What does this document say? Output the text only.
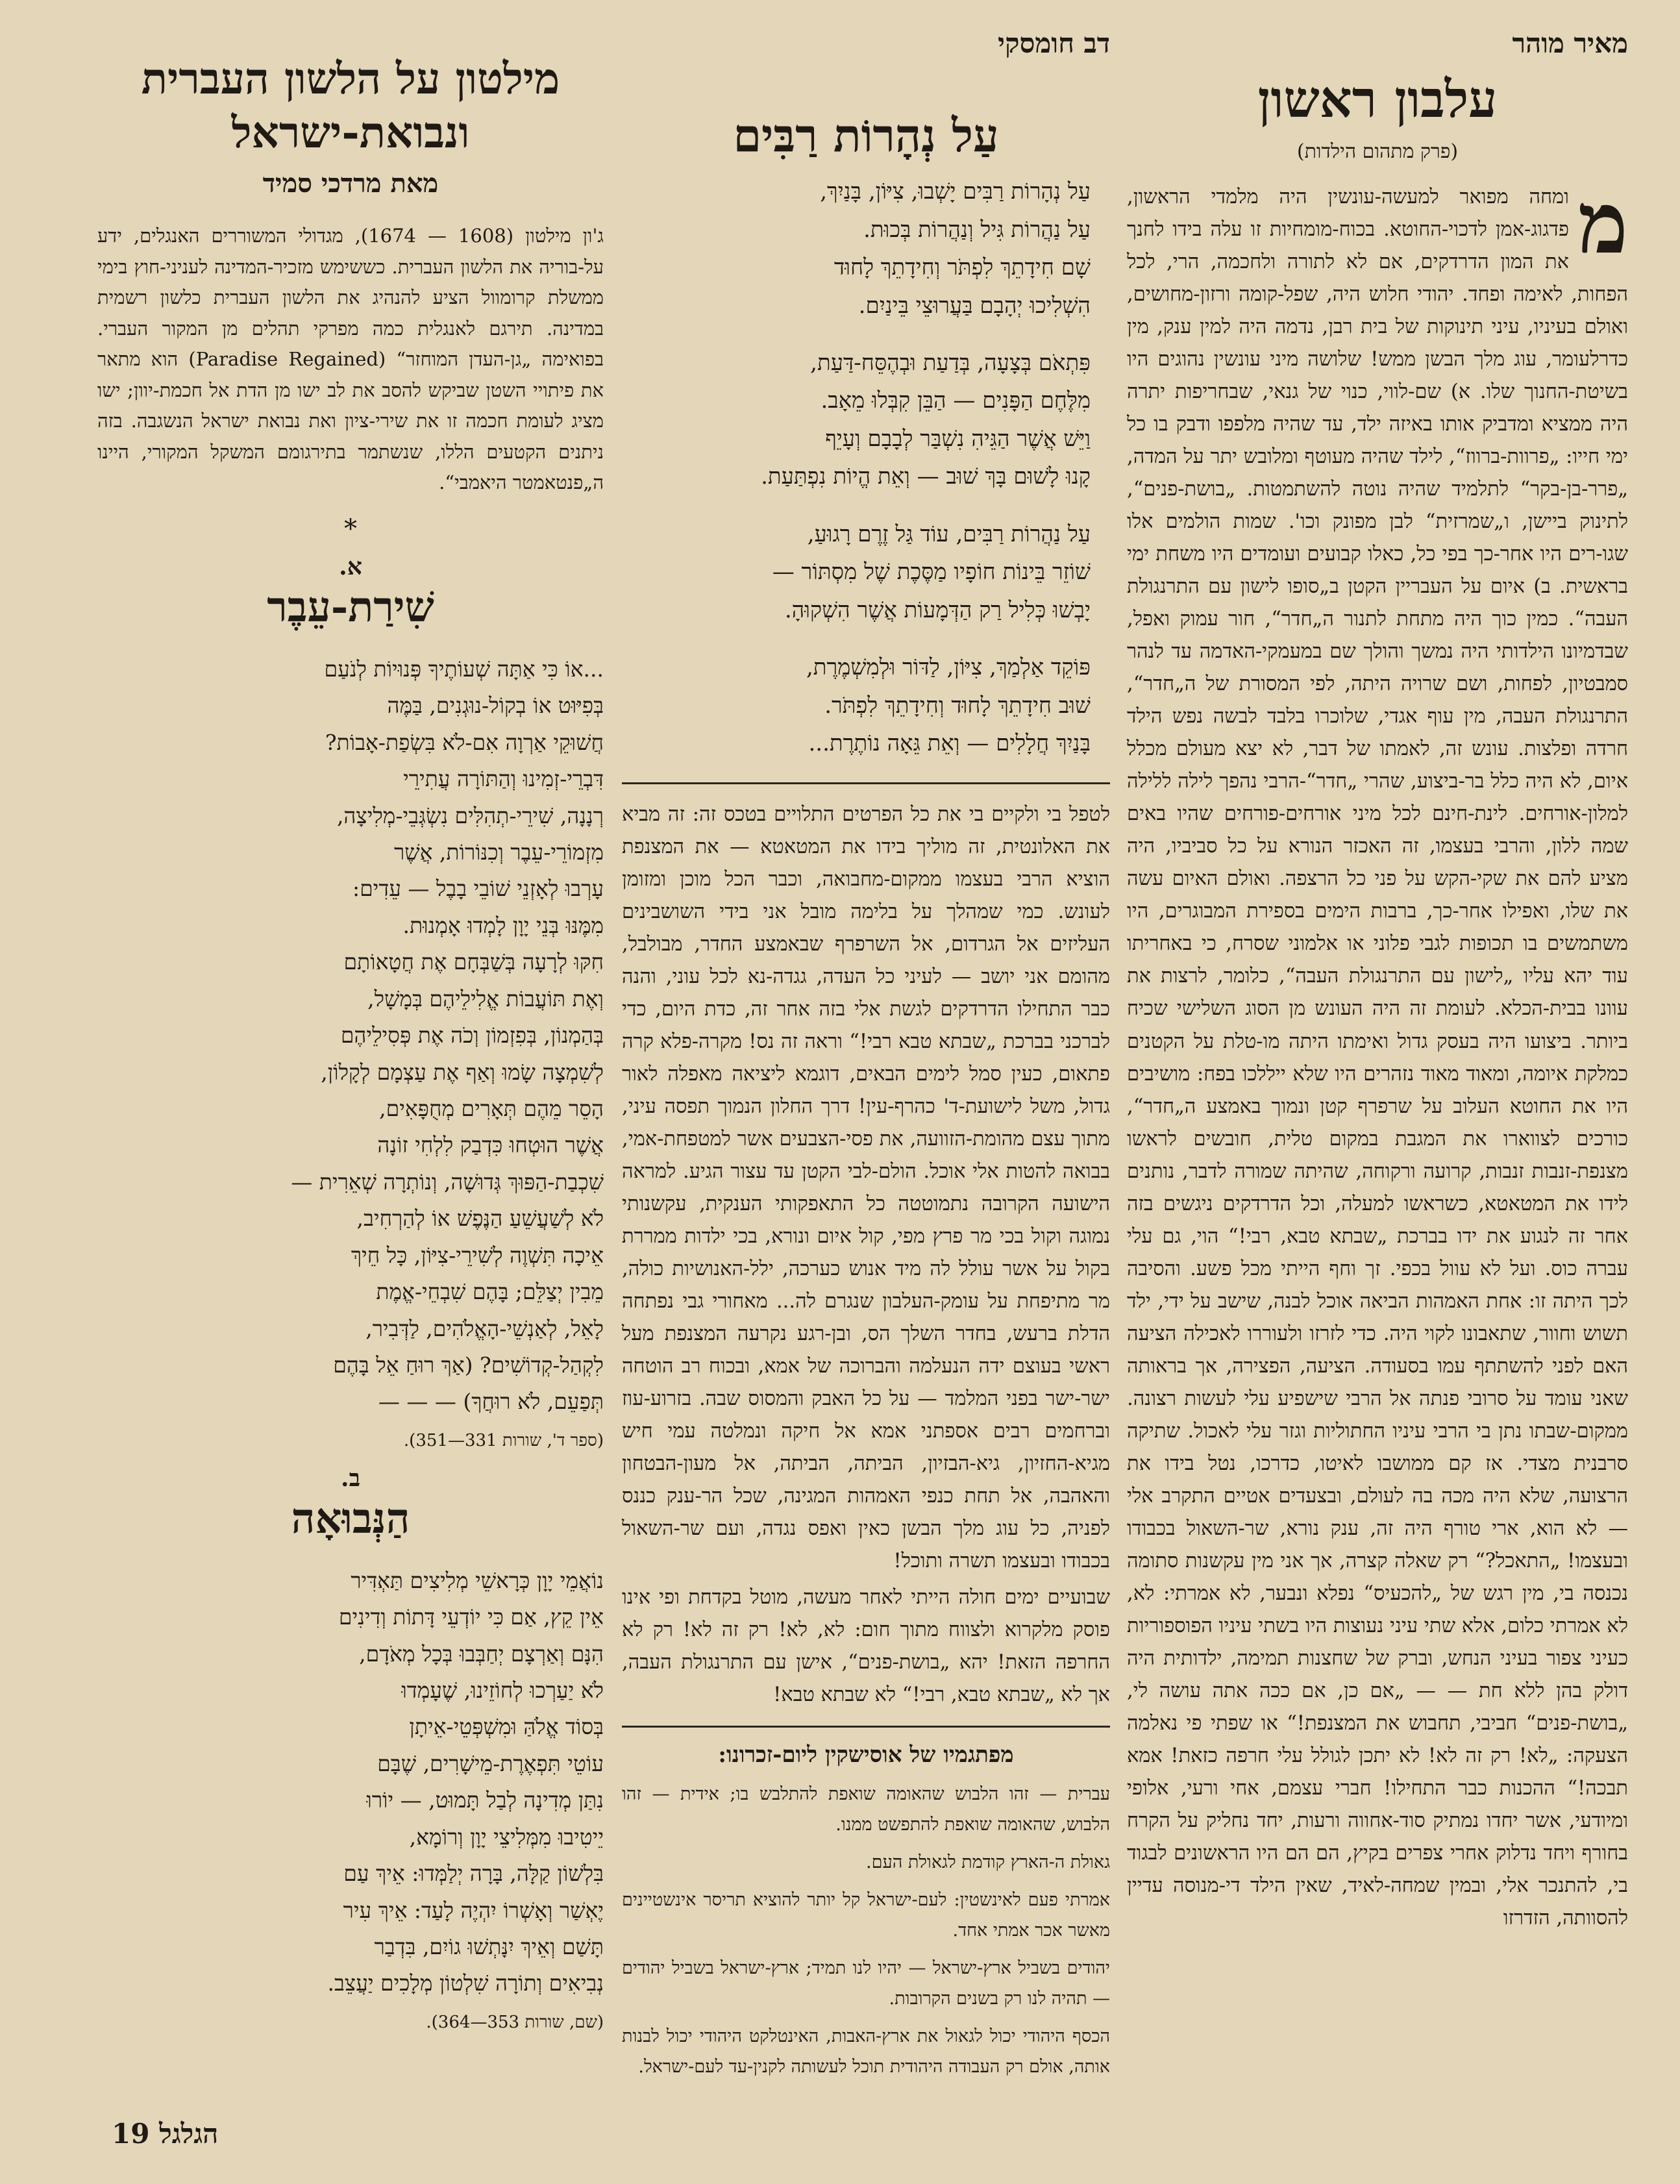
מאיר מוהר
עלבון ראשון
(פרק מתהום הילדות)
מ

ומחה מפואר למעשה-עונשין היה מלמדי הראשון, פדגוג-אמן לדכוי-החוטא. בכוח-מומחיות זו עלה בידו לחנך את המון הדרדקים, אם לא לתורה ולחכמה, הרי, לכל הפחות, לאימה ופחד. יהודי חלוש היה, שפל-קומה ורזון-מחושים, ואולם בעיניו, עיני תינוקות של בית רבן, נדמה היה למין ענק, מין כדרלעומר, עוג מלך הבשן ממש! שלושה מיני עונשין נהוגים היו בשיטת-החנוך שלו. א) שם-לווי, כנוי של גנאי, שבחריפות יתרה היה ממציא ומדביק אותו באיזה ילד, עד שהיה מלפפו ודבק בו כל ימי חייו: „פרוות-ברווז“, לילד שהיה מעוטף ומלובש יתר על המדה, „פרר-בן-בקר“ לתלמיד שהיה נוטה להשתמטות. „בושת-פנים“, לתינוק ביישן, ו„שמרזית“ לבן מפונק וכו'. שמות הולמים אלו שגו-רים היו אחר-כך בפי כל, כאלו קבועים ועומדים היו משחת ימי בראשית. ב) איום על העבריין הקטן ב„סופו לישון עם התרנגולת העבה“. כמין כוך היה מתחת לתנור ה„חדר“, חור עמוק ואפל, שבדמיונו הילדותי היה נמשך והולך שם במעמקי-האדמה עד לנהר סמבטיון, לפחות, ושם שרויה היתה, לפי המסורת של ה„חדר“, התרנגולת העבה, מין עוף אגדי, שלוכרו בלבד לבשה נפש הילד חרדה ופלצות. עונש זה, לאמתו של דבר, לא יצא מעולם מכלל איום, לא היה כלל בר-ביצוע, שהרי „חדר“-הרבי נהפך לילה ללילה למלון-אורחים. לינת-חינם לכל מיני אורחים-פורחים שהיו באים שמה ללון, והרבי בעצמו, זה האכזר הנורא על כל סביביו, היה מציע להם את שקי-הקש על פני כל הרצפה. ואולם האיום עשה את שלו, ואפילו אחר-כך, ברבות הימים בספירת המבוגרים, היו משתמשים בו תכופות לגבי פלוני או אלמוני שסרח, כי באחריתו עוד יהא עליו „לישון עם התרנגולת העבה“, כלומר, לרצות את עוונו בבית-הכלא. לעומת זה היה העונש מן הסוג השלישי שכיח ביותר. ביצועו היה בעסק גדול ואימתו היתה מו-טלת על הקטנים כמלקת איומה, ומאוד מאוד נזהרים היו שלא ייללכו בפח: מושיבים היו את החוטא העלוב על שרפרף קטן ונמוך באמצע ה„חדר“, כורכים לצווארו את המגבת במקום טלית, חובשים לראשו מצנפת-זנבות זנבות, קרועה ורקוחה, שהיתה שמורה לדבר, נותנים לידו את המטאטא, כשראשו למעלה, וכל הדרדקים ניגשים בזה אחר זה לנגוע את ידו בברכת „שבתא טבא, רבי!“ הוי, גם עלי עברה כוס. ועל לא עוול בכפי. זך וחף הייתי מכל פשע. והסיבה לכך היתה זו: אחת האמהות הביאה אוכל לבנה, שישב על ידי, ילד תשוש וחוור, שתאבונו לקוי היה. כדי לזרזו ולעוררו לאכילה הציעה האם לפני להשתתף עמו בסעודה. הציעה, הפצירה, אך בראותה שאני עומד על סרובי פנתה אל הרבי שישפיע עלי לעשות רצונה. ממקום-שבתו נתן בי הרבי עיניו החתוליות וגזר עלי לאכול. שתיקה סרבנית מצדי. אז קם ממושבו לאיטו, כדרכו, נטל בידו את הרצועה, שלא היה מכה בה לעולם, ובצעדים אטיים התקרב אלי — לא הוא, ארי טורף היה זה, ענק נורא, שר-השאול בכבודו ובעצמו! „התאכל?“ רק שאלה קצרה, אך אני מין עקשנות סתומה נכנסה בי, מין רגש של „להכעיס“ נפלא ונבער, לא אמרתי: לא, לא אמרתי כלום, אלא שתי עיני נעוצות היו בשתי עיניו הפוספוריות כעיני צפור בעיני הנחש, וברק של שחצנות תמימה, ילדותית היה דולק בהן ללא חת — — „אם כן, אם ככה אתה עושה לי, „בושת-פנים“ חביבי, תחבוש את המצנפת!“ או שפתי פי נאלמה הצעקה: „לא! רק זה לא! לא יתכן לגולל עלי חרפה כזאת! אמא תבכה!“ ההכנות כבר התחילו! חברי עצמם, אחי ורעי, אלופי ומיודעי, אשר יחדו נמתיק סוד-אחווה ורעות, יחד נחליק על הקרח בחורף ויחד נדלוק אחרי צפרים בקיץ, הם הם היו הראשונים לבגוד בי, להתנכר אלי, ובמין שמחה-לאיד, שאין הילד די-מנוסה עדיין להסוותה, הזדרזו

דב חומסקי
עַל נְהָרוֹת רַבִּים
עַל נְהָרוֹת רַבִּים יָשְׁבוּ, צִיּוֹן, בָּנַיִךְ,
עַל נַהֲרוֹת גִּיל וְנַהֲרוֹת בְּכוּת.
שָׁם חִידָתֵךְ לִפְתֹּר וְחִידָתֵךְ לָחוּד
הִשְׁלִיכוּ יְהָבָם בַּעֲרוּצֵי בֵּינַיִם.
פִּתְאֹם בְּצָעָה, בְּדַעַת וּבְהֶסֵּח-דַּעַת,
מִלֶּחֶם הַפָּנִים — הַבֵּן קִבְּלוּ מֵאָב.
וַיֵּשׁ אֲשֶׁר הַגֵּיהִ נִשְׁבַּר לְבָבָם וְעָיֵף
קָנוּ לָשׁוּם בָּךְ שׁוּב — וְאֵת הֱיוֹת נִפְתַּעַת.
עַל נַהֲרוֹת רַבִּים, עוֹד גַּל זֶרֶם רָגוּעַ,
שׁוֹזֵר בֵּינוֹת חוֹפָיו מַסֶּכֶת שֶׁל מִסְתּוֹר —
יָבְשׁוּ כְּלִיל רַק הַדְּמָעוֹת אֲשֶׁר הִשְׁקוּהָ.
פּוֹקֵד אַלְמַךְ, צִיּוֹן, לַדּוֹר וּלְמִשְׁמֶרֶת,
שׁוּב חִידָתֵךְ לָחוּד וְחִידָתֵךְ לִפְתֹּר.
בָּנַיִךְ חֲלָלִים — וְאֵת גֵּאָה נוֹתֶרֶת...

לטפל בי ולקיים בי את כל הפרטים התלויים בטכס זה: זה מביא את האלונטית, זה מוליך בידו את המטאטא — את המצנפת הוציא הרבי בעצמו ממקום-מחבואה, וכבר הכל מוכן ומזומן לעונש. כמי שמהלך על בלימה מובל אני בידי השושבינים העליזים אל הגרדום, אל השרפרף שבאמצע החדר, מבולבל, מהומם אני יושב — לעיני כל העדה, גגדה-נא לכל עוני, והנה כבר התחילו הדרדקים לגשת אלי בזה אחר זה, כדת היום, כדי לברכני בברכת „שבתא טבא רבי!“ וראה זה נס! מקרה-פלא קרה פתאום, כעין סמל לימים הבאים, דוגמא ליציאה מאפלה לאור גדול, משל לישועת-ד' כהרף-עין! דרך החלון הנמוך תפסה עיני, מתוך עצם מהומת-הזוועה, את פסי-הצבעים אשר למטפחת-אמי, בבואה להטות אלי אוכל. הולם-לבי הקטן עד עצור הגיע. למראה הישועה הקרובה נתמוטטה כל התאפקותי הענקית, עקשנותי נמוגה וקול בכי מר פרץ מפי, קול איום ונורא, בכי ילדות ממררת בקול על אשר עולל לה מיד אנוש כערכה, ילל-האנושיות כולה, מר מתיפחת על עומק-העלבון שנגרם לה... מאחורי גבי נפתחה הדלת ברעש, בחדר השלך הס, ובן-רגע נקרעה המצנפת מעל ראשי בעוצם ידה הנעלמה והברוכה של אמא, ובכוח רב הוטחה ישר-ישר בפני המלמד — על כל האבק והמסוס שבה. בזרוע-עוז וברחמים רבים אספתני אמא אל חיקה ונמלטה עמי חיש מגיא-החזיון, גיא-הבזיון, הביתה, הביתה, אל מעון-הבטחון והאהבה, אל תחת כנפי האמהות המגינה, שכל הר-ענק כננס לפניה, כל עוג מלך הבשן כאין ואפס נגדה, ועם שר-השאול בכבודו ובעצמו תשרה ותוכל!

שבועיים ימים חולה הייתי לאחר מעשה, מוטל בקדחת ופי אינו פוסק מלקרוא ולצווח מתוך חום: לא, לא! רק זה לא! רק לא החרפה הזאת! יהא „בושת-פנים“, אישן עם התרנגולת העבה, אך לא „שבתא טבא, רבי!“ לא שבתא טבא!

מפתגמיו של אוסישקין ליום-זכרונו:

עברית — זהו הלבוש שהאומה שואפת להתלבש בו; אידית — זהו הלבוש, שהאומה שואפת להתפשט ממנו.

גאולת ה-הארץ קודמת לגאולת העם.

אמרתי פעם לאינשטין: לעם-ישראל קל יותר להוציא תריסר אינשטיינים מאשר אכר אמתי אחד.

יהודים בשביל ארץ-ישראל — יהיו לנו תמיד; ארץ-ישראל בשביל יהודים — תהיה לנו רק בשנים הקרובות.

הכסף היהודי יכול לגאול את ארץ-האבות, האינטלקט היהודי יכול לבנות אותה, אולם רק העבודה היהודית תוכל לעשותה לקנין-עד לעם-ישראל.

מילטון על הלשון העברית
ונבואת-ישראל
מאת מרדכי סמיד
ג'ון מילטון (1608 — 1674), מגדולי המשוררים האנגלים, ידע על-בוריה את הלשון העברית. כששימש מזכיר-המדינה לעניני-חוץ בימי ממשלת קרומוול הציע להנהיג את הלשון העברית כלשון רשמית במדינה. תירגם לאנגלית כמה מפרקי תהלים מן המקור העברי. בפואימה „גן-העדן המוחזר“ (Paradise Regained) הוא מתאר את פיתויי השטן שביקש להסב את לב ישו מן הדת אל חכמת-יוון; ישו מציג לעומת חכמה זו את שירי-ציון ואת נבואת ישראל הנשגבה. בזה ניתנים הקטעים הללו, שנשתמר בתירגומם המשקל המקורי, היינו ה„פנטאמטר היאמבי“.
*
א.
שִׁירַת-עֵבֶר
...אוֹ כִּי אַתָּה שְׁעוֹתֶיךָ פְּנוּיוֹת לְנֹעַם
בְּפִיּוּט אוֹ בְקוֹל-נוּגְנִים, בַּמֶּה
חֲשׁוּקֵי אַרְוָה אִם-לֹא בִּשְׂפַת-אָבוֹת?
דִּבְרֵי-זְמִינוּ וְהַתּוֹרָה עֲתִירֵי
רְנָנָה, שִׁירֵי-תְהִלִּים נִשְׂגְּבֵי-מְלִיצָה,
מִזְמוֹרֵי-עֵבֶר וְכִנּוֹרוֹת, אֲשֶׁר
עָרְבוּ לְאָזְנֵי שׁוֹבֵי בָבֶל — עֵדִים:
מִמֶּנּוּ בְּנֵי יָוָן לָמְדוּ אָמְנוּת.
חִקּוּ לְרָעָה בְּשַׁבְּחָם אֶת חֲטָאוֹתָם
וְאֶת תּוֹעֲבוֹת אֱלִילֵיהֶם בְּמָשָׁל,
בְּהַמְנוֹן, בְּפִזְמוֹן וְכֹה אֶת פְּסִילֵיהֶם
לְשִׁמְצָה שָׂמוּ וְאַף אֶת עַצְמָם לְקָלוֹן,
הָסֵר מֵהֶם תְּאָרִים מְחֻפָּאִים,
אֲשֶׁר הוּטְחוּ כִּדְבַק לִלְחִי זוֹנָה
שִׁכְבַת-הַפּוּךְ גְּדוּשָׁה, וְנוֹתְרָה שְׁאֵרִית —
לֹא לְשַׁעֲשֵׁעַ הַנֶּפֶשׁ אוֹ לְהַרְחִיב,
אֵיכָה תִּשְׁוֶה לְשִׁירֵי-צִיּוֹן, כָּל חֵיךְ
מֵבִין יְצַלֵּם; בָּהֶם שִׁבְחֵי-אֱמֶת
לָאֵל, לְאַנְשֵׁי-הָאֱלֹהִים, לַדְּבִיר,
לִקְהַל-קְדוֹשִׁים? (אַךְ רוּחַ אֵל בָּהֶם
תְּפַעֵם, לֹא רוּחֲךָ) — — —
(ספר ד', שורות 331—351).
ב.
הַנְּבוּאָה
נוֹאֲמֵי יָוָן כְּרָאשֵׁי מְלִיצִים תַּאְדִּיר
אֵין קֵץ, אַם כִּי יוֹדְעֵי דָּתוֹת וְדִינִים
הִנָּם וְאַרְצָם יְחַבְּבוּ בְּכָל מְאֹדָם,
לֹא יַעַרְכוּ לְחוֹזֵינוּ, שֶׁעָמְדוּ
בְּסוֹד אֱלֹהַּ וּמִשְׁפְּטֵי-אֵיתָן
עוֹטֵי תִּפְאֶרֶת-מֵישָׁרִים, שֶׁבָּם
נִתַּן מְדִינָה לְבַל תָּמוּט, — יוֹרוּ
יֵיטִיבוּ מִמְּלִיצֵי יָוָן וְרוֹמָא,
בִּלְשׁוֹן קַלָּה, בָּרָה יְלַמְּדוּ: אֵיךְ עַם
יֶאְשַׁר וְאָשְׁרוֹ יִהְיֶה לָעַד: אֵיךְ עִיר
תָּשַׁם וְאֵיךְ יִנָּתְשׁוּ גוֹיִם, בִּדְבַר
נְבִיאִים וְתוֹרָה שִׁלְטוֹן מְלָכִים יַעֲצֵב.
(שם, שורות 353—364).
הגלגל 19
